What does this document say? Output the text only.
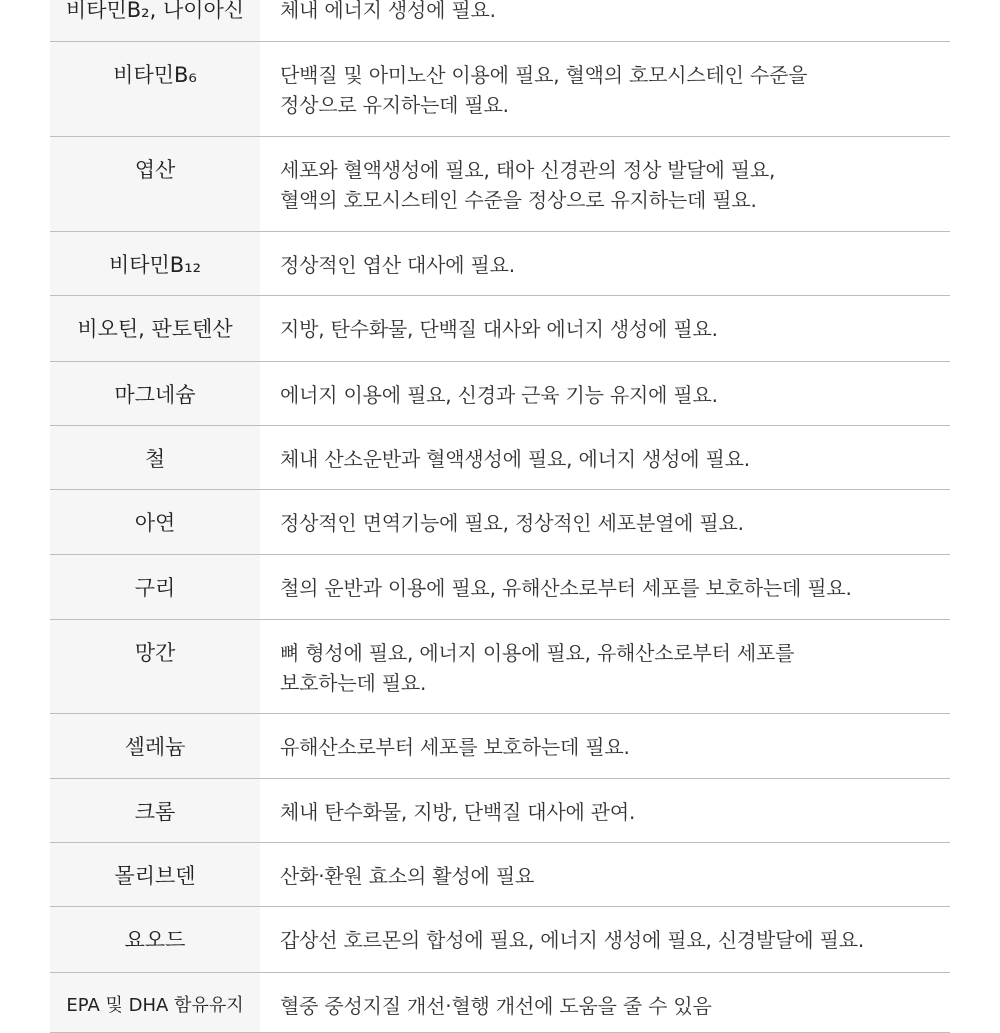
비타민B₂, 나이아신	체내 에너지 생성에 필요.
비타민B₆	단백질 및 아미노산 이용에 필요, 혈액의 호모시스테인 수준을
정상으로 유지하는데 필요.
엽산	세포와 혈액생성에 필요, 태아 신경관의 정상 발달에 필요,
혈액의 호모시스테인 수준을 정상으로 유지하는데 필요.
비타민B₁₂	정상적인 엽산 대사에 필요.
비오틴, 판토텐산	지방, 탄수화물, 단백질 대사와 에너지 생성에 필요.
마그네슘	에너지 이용에 필요, 신경과 근육 기능 유지에 필요.
철	체내 산소운반과 혈액생성에 필요, 에너지 생성에 필요.
아연	정상적인 면역기능에 필요, 정상적인 세포분열에 필요.
구리	철의 운반과 이용에 필요, 유해산소로부터 세포를 보호하는데 필요.
망간	뼈 형성에 필요, 에너지 이용에 필요, 유해산소로부터 세포를
보호하는데 필요.
셀레늄	유해산소로부터 세포를 보호하는데 필요.
크롬	체내 탄수화물, 지방, 단백질 대사에 관여.
몰리브덴	산화·환원 효소의 활성에 필요
요오드	갑상선 호르몬의 합성에 필요, 에너지 생성에 필요, 신경발달에 필요.
EPA 및 DHA 함유유지	혈중 중성지질 개선·혈행 개선에 도움을 줄 수 있음
